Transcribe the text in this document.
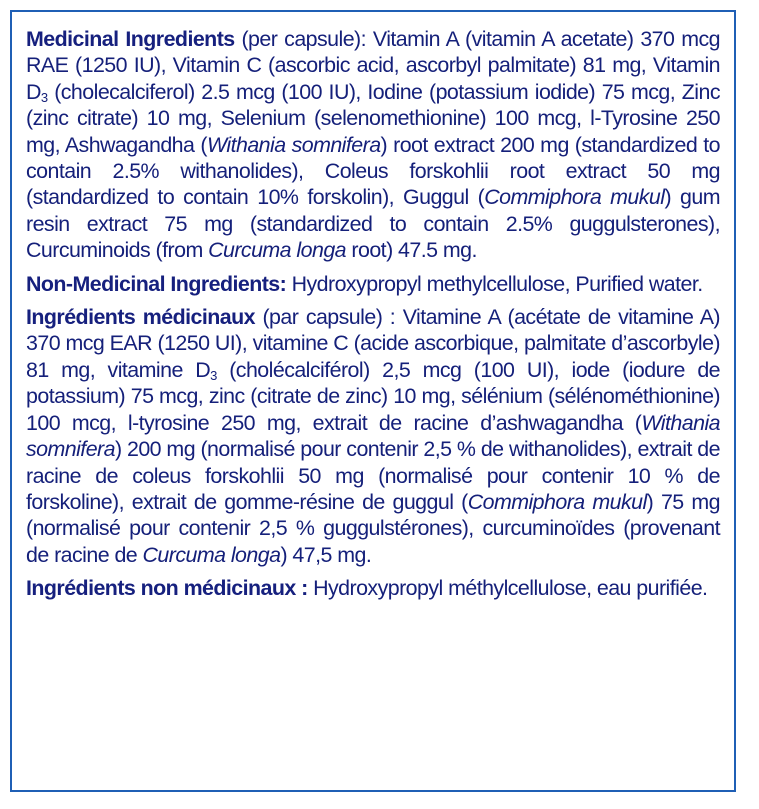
Medicinal Ingredients (per capsule): Vitamin A (vitamin A acetate) 370 mcg RAE (1250 IU), Vitamin C (ascorbic acid, ascorbyl palmitate) 81 mg, Vitamin $D_3$ (cholecalciferol) 2.5 mcg (100 IU), Iodine (potassium iodide) 75 mcg, Zinc (zinc citrate) 10 mg, Selenium (selenomethionine) 100 mcg, l-Tyrosine 250 mg, Ashwagandha (Withania somnifera) root extract 200 mg (standardized to contain 2.5% withanolides), Coleus forskohlii root extract 50 mg (standardized to contain 10% forskolin), Guggul (Commiphora mukul) gum resin extract 75 mg (standardized to contain 2.5% guggulsterones), Curcuminoids (from Curcuma longa root) 47.5 mg.

Non-Medicinal Ingredients: Hydroxypropyl methylcellulose, Purified water.

Ingrédients médicinaux (par capsule) : Vitamine A (acétate de vitamine A) 370 mcg EAR (1250 UI), vitamine C (acide ascorbique, palmitate d’ascorbyle) 81 mg, vitamine $D_3$ (cholécalciférol) 2,5 mcg (100 UI), iode (iodure de potassium) 75 mcg, zinc (citrate de zinc) 10 mg, sélénium (sélénométhionine) 100 mcg, l-tyrosine 250 mg, extrait de racine d’ashwagandha (Withania somnifera) 200 mg (normalisé pour contenir 2,5 % de withanolides), extrait de racine de coleus forskohlii 50 mg (normalisé pour contenir 10 % de forskoline), extrait de gomme-résine de guggul (Commiphora mukul) 75 mg (normalisé pour contenir 2,5 % guggulstérones), curcuminoïdes (provenant de racine de Curcuma longa) 47,5 mg.

Ingrédients non médicinaux : Hydroxypropyl méthylcellulose, eau purifiée.
